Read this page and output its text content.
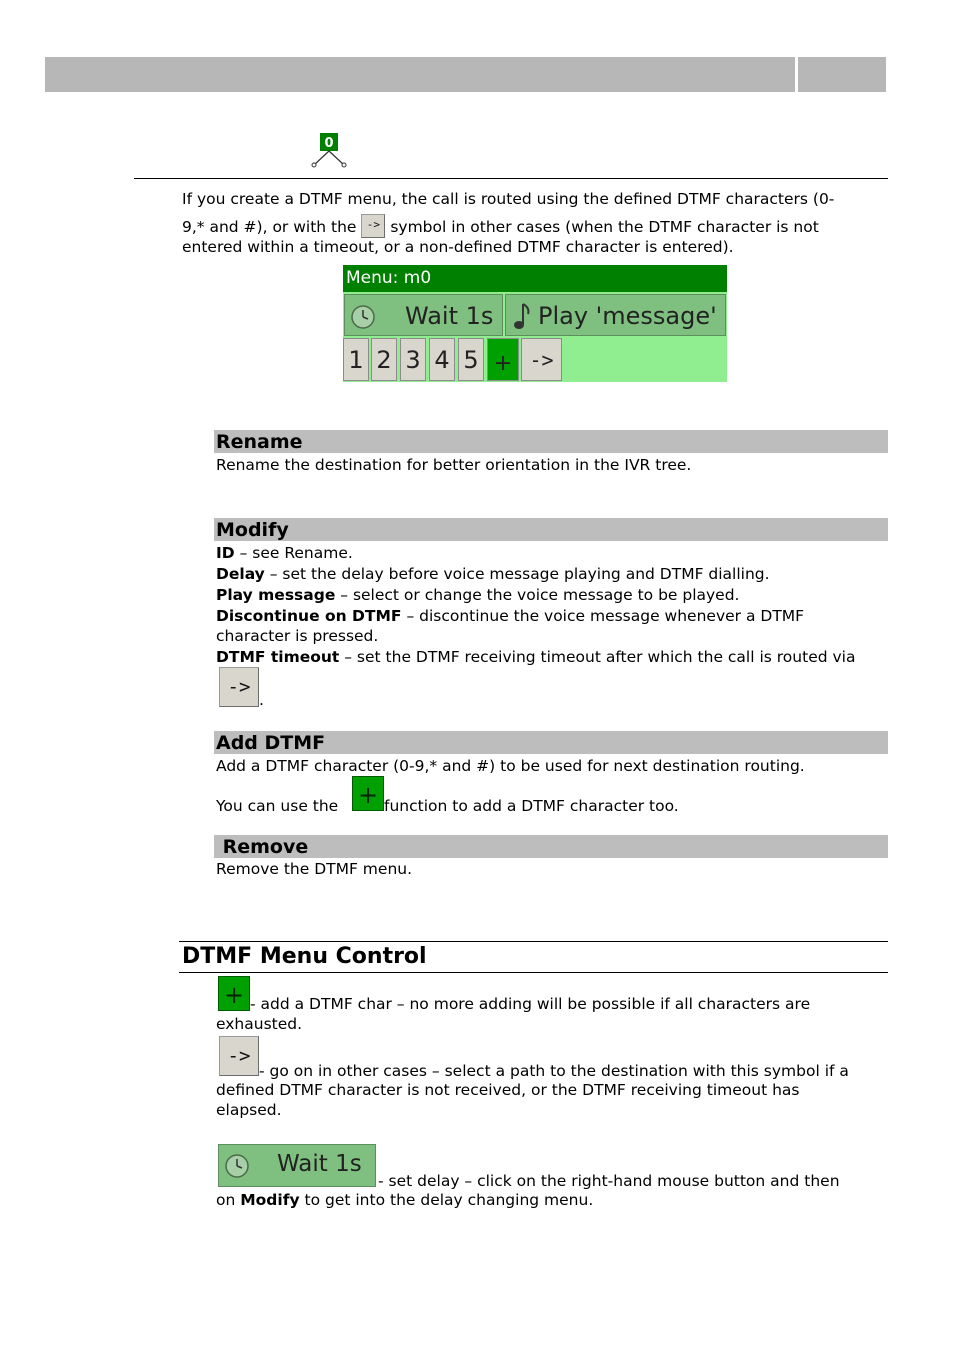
0
If you create a DTMF menu, the call is routed using the defined DTMF characters (0-
9,* and #), or with the -> symbol in other cases (when the DTMF character is not
entered within a timeout, or a non-defined DTMF character is entered).
Menu: m0
Wait 1s Play 'message'
1 2 3 4 5 + ->
Rename
Rename the destination for better orientation in the IVR tree.
Modify
ID – see Rename.
Delay – set the delay before voice message playing and DTMF dialling.
Play message – select or change the voice message to be played.
Discontinue on DTMF – discontinue the voice message whenever a DTMF
character is pressed.
DTMF timeout – set the DTMF receiving timeout after which the call is routed via
->
.
Add DTMF
Add a DTMF character (0-9,* and #) to be used for next destination routing.
You can use the + function to add a DTMF character too.
Remove
Remove the DTMF menu.
DTMF Menu Control
+ - add a DTMF char – no more adding will be possible if all characters are
exhausted.
->
- go on in other cases – select a path to the destination with this symbol if a
defined DTMF character is not received, or the DTMF receiving timeout has
elapsed.
Wait 1s
- set delay – click on the right-hand mouse button and then
on Modify to get into the delay changing menu.
